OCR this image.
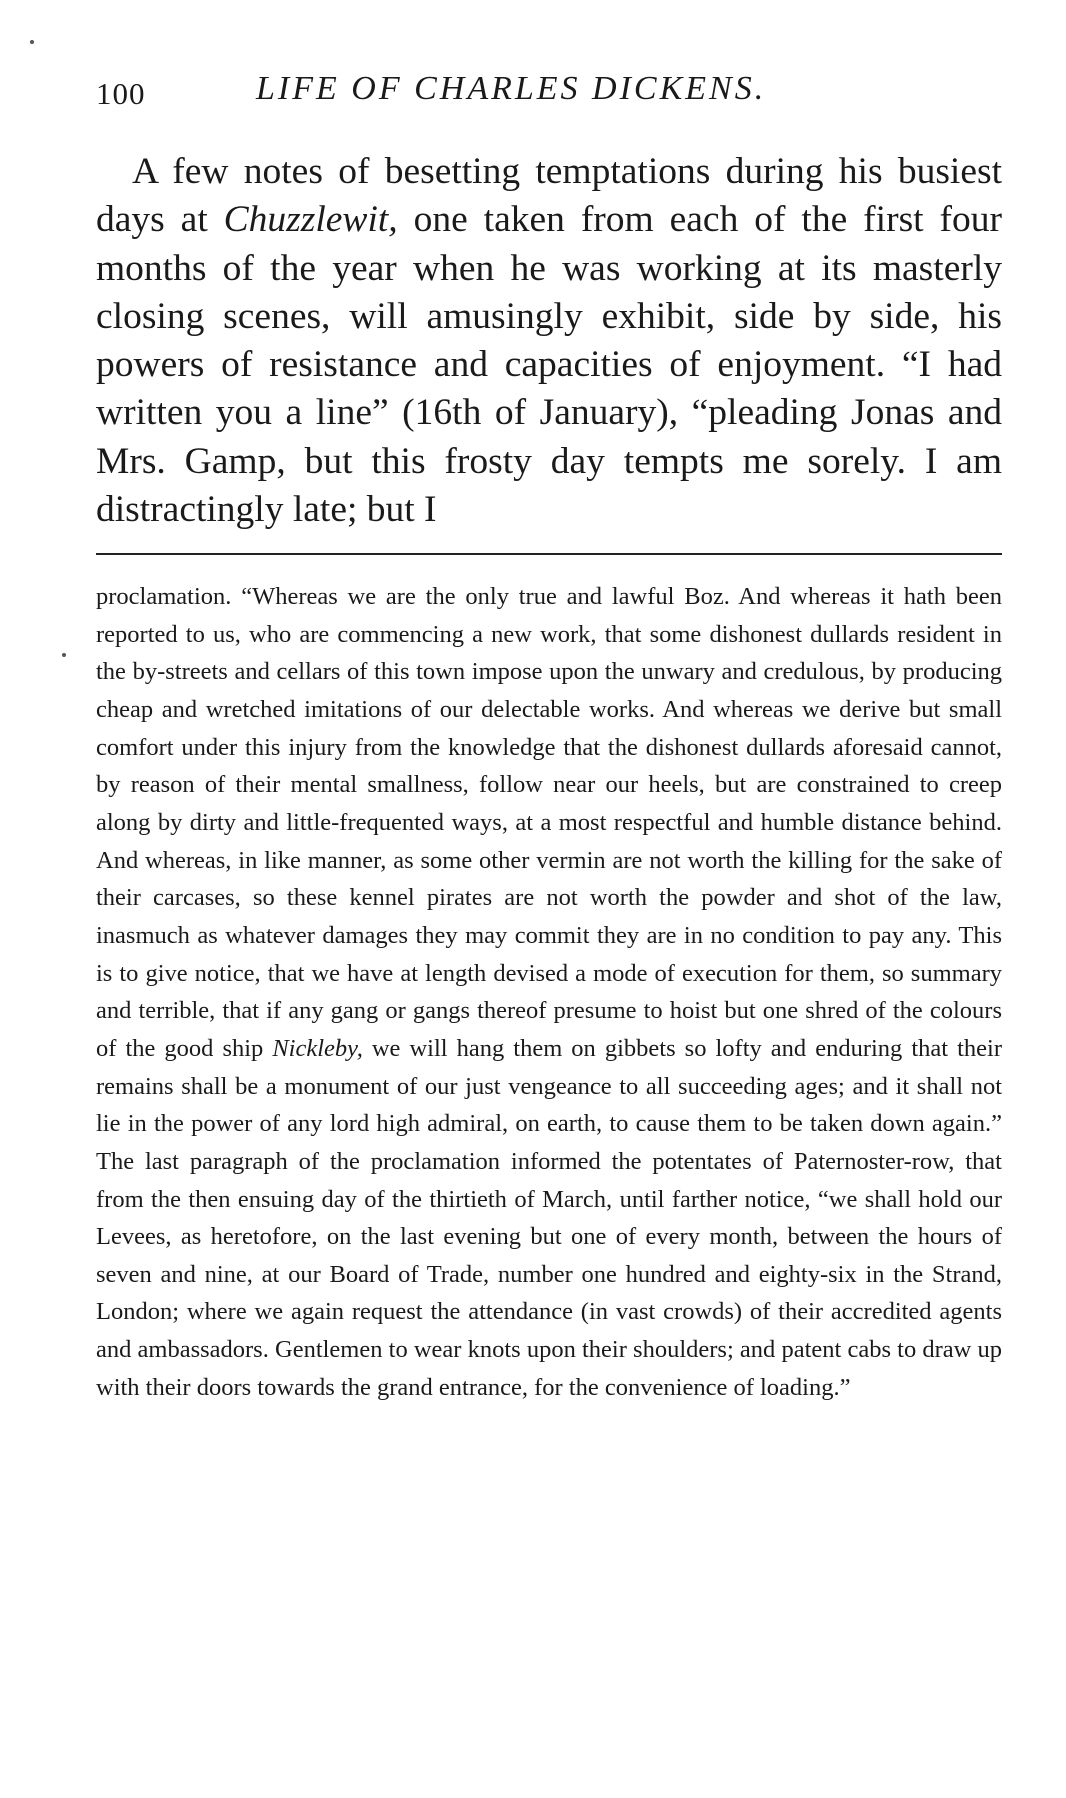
100	LIFE OF CHARLES DICKENS.

A few notes of besetting temptations during his busiest days at Chuzzlewit, one taken from each of the first four months of the year when he was working at its masterly closing scenes, will amusingly exhibit, side by side, his powers of resistance and capacities of enjoyment. “I had written you a line” (16th of January), “pleading Jonas and Mrs. Gamp, but this frosty day tempts me sorely. I am distractingly late; but I

proclamation. “Whereas we are the only true and lawful Boz. And whereas it hath been reported to us, who are commencing a new work, that some dishonest dullards resident in the by-streets and cellars of this town impose upon the unwary and credulous, by producing cheap and wretched imitations of our delectable works. And whereas we derive but small comfort under this injury from the knowledge that the dishonest dullards aforesaid cannot, by reason of their mental smallness, follow near our heels, but are constrained to creep along by dirty and little-frequented ways, at a most respectful and humble distance behind. And whereas, in like manner, as some other vermin are not worth the killing for the sake of their carcases, so these kennel pirates are not worth the powder and shot of the law, inasmuch as whatever damages they may commit they are in no condition to pay any. This is to give notice, that we have at length devised a mode of execution for them, so summary and terrible, that if any gang or gangs thereof presume to hoist but one shred of the colours of the good ship Nickleby, we will hang them on gibbets so lofty and enduring that their remains shall be a monument of our just vengeance to all succeeding ages; and it shall not lie in the power of any lord high admiral, on earth, to cause them to be taken down again.” The last paragraph of the proclamation informed the potentates of Paternoster-row, that from the then ensuing day of the thirtieth of March, until farther notice, “we shall hold our Levees, as heretofore, on the last evening but one of every month, between the hours of seven and nine, at our Board of Trade, number one hundred and eighty-six in the Strand, London; where we again request the attendance (in vast crowds) of their accredited agents and ambassadors. Gentlemen to wear knots upon their shoulders; and patent cabs to draw up with their doors towards the grand entrance, for the convenience of loading.”
